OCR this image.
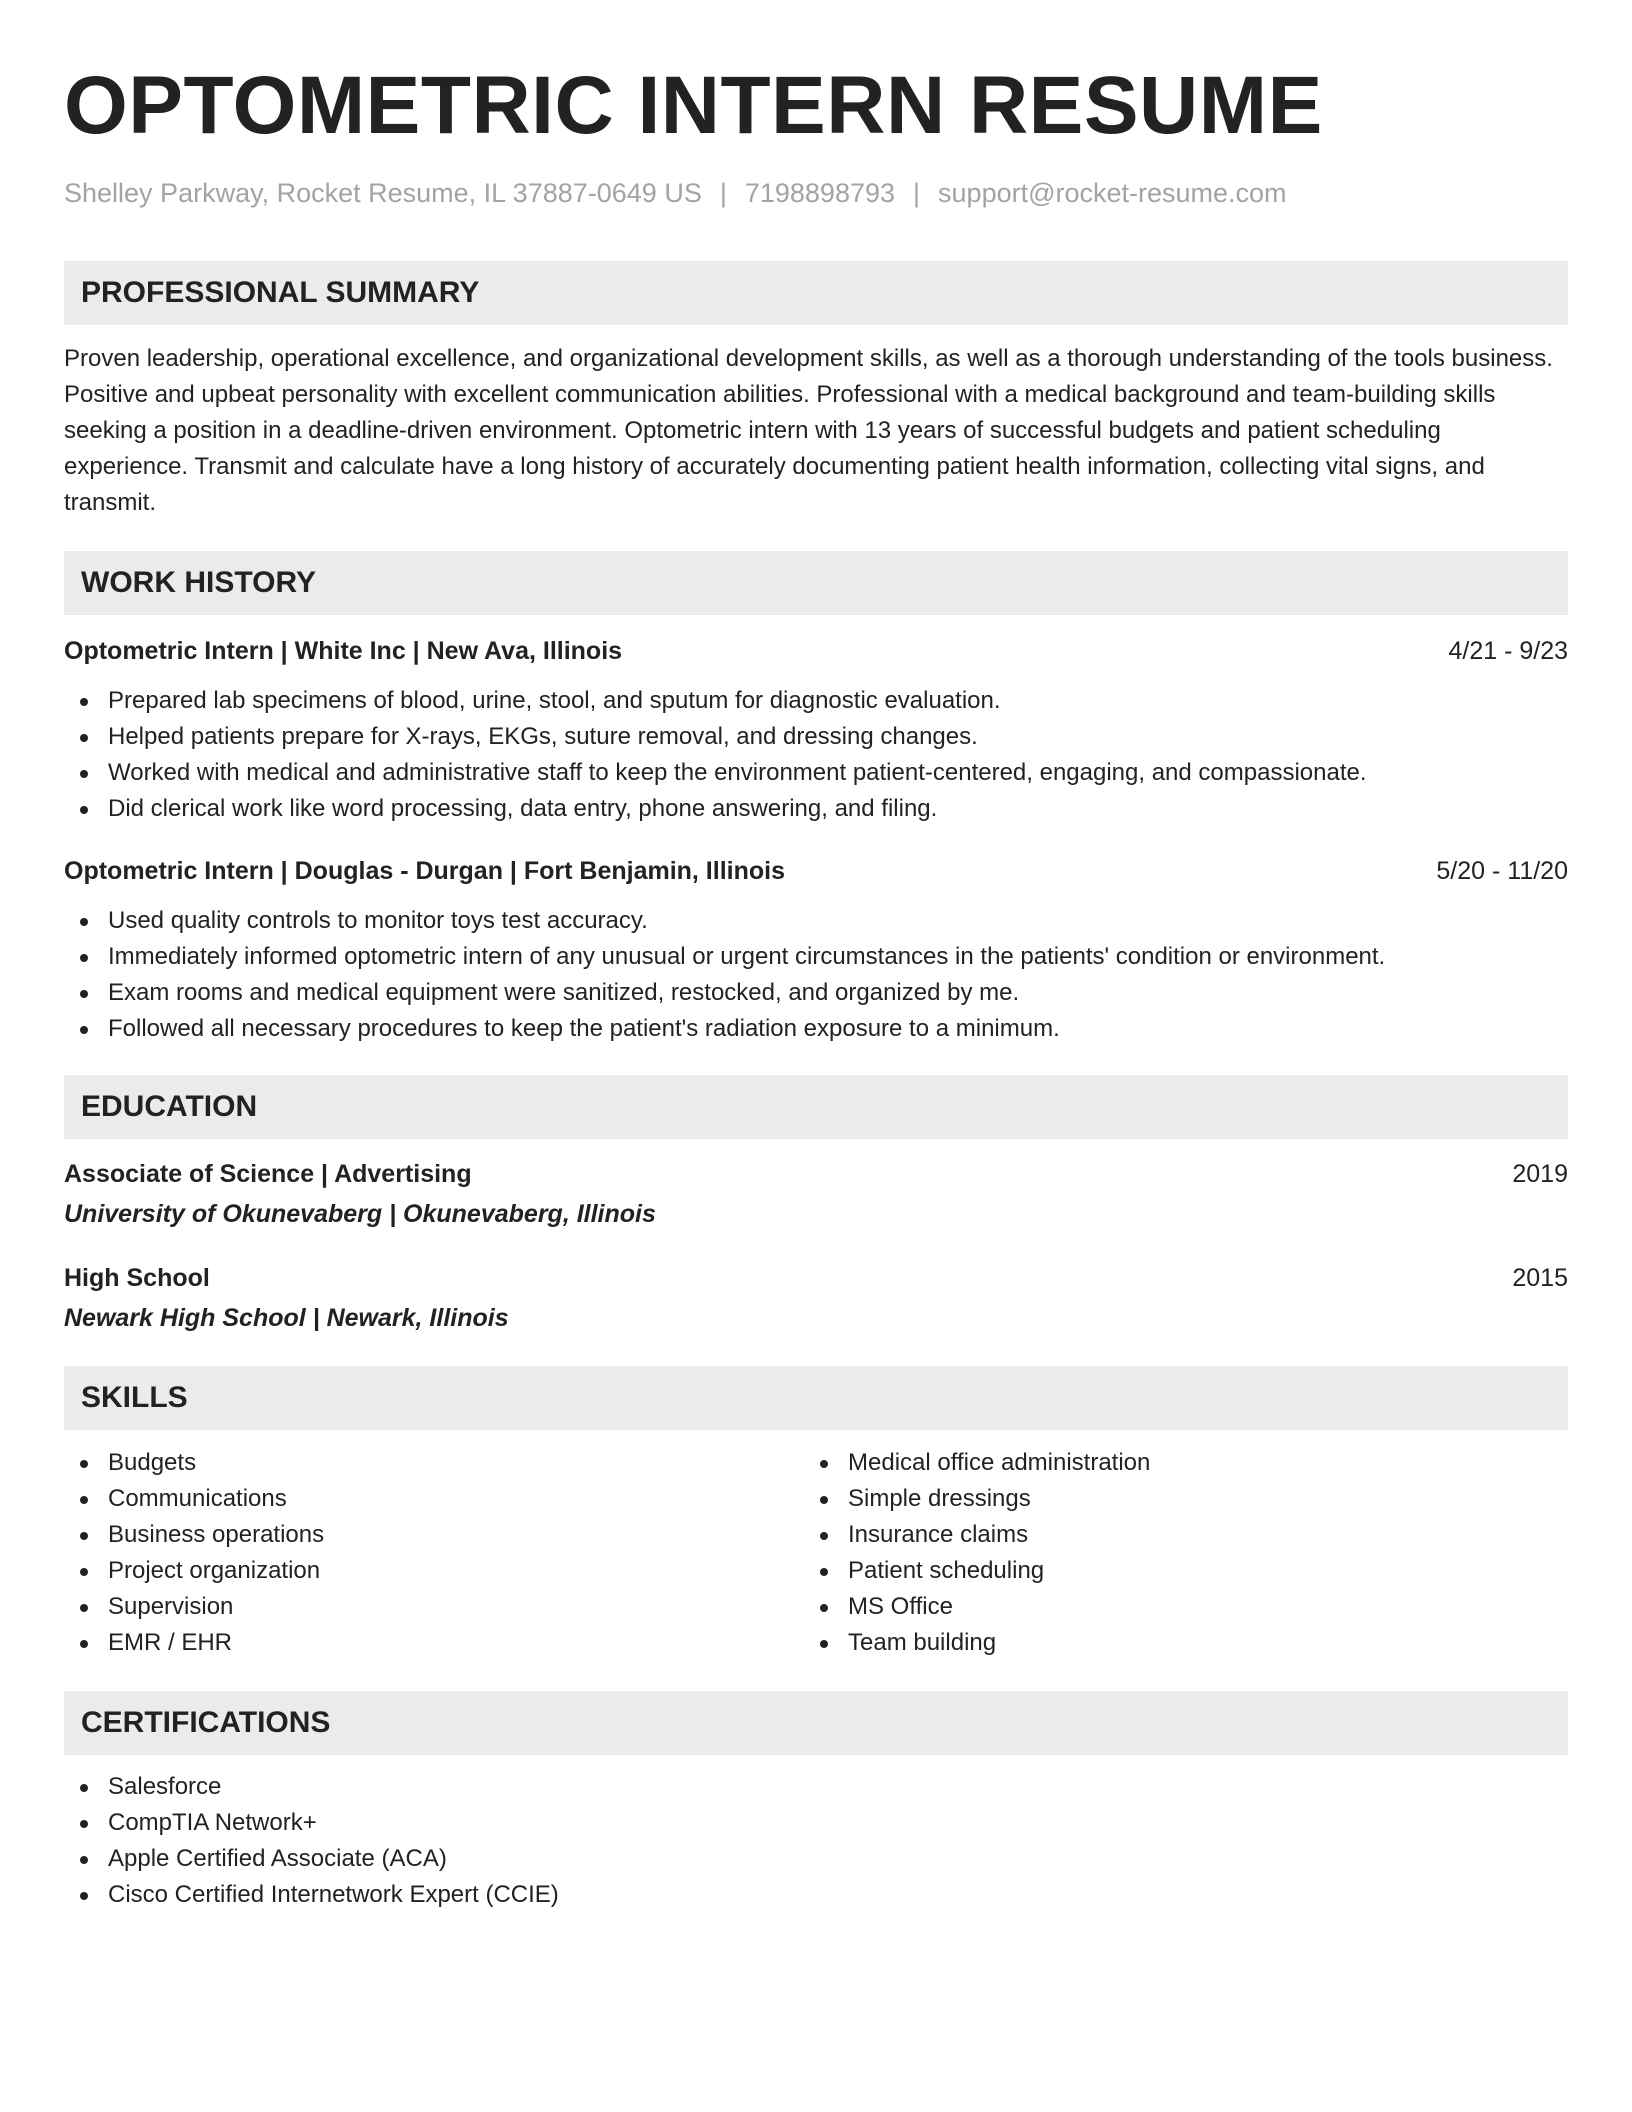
OPTOMETRIC INTERN RESUME
Shelley Parkway, Rocket Resume, IL 37887-0649 US | 7198898793 | support@rocket-resume.com
PROFESSIONAL SUMMARY

Proven leadership, operational excellence, and organizational development skills, as well as a thorough understanding of the tools business. Positive and upbeat personality with excellent communication abilities. Professional with a medical background and team-building skills seeking a position in a deadline-driven environment. Optometric intern with 13 years of successful budgets and patient scheduling experience. Transmit and calculate have a long history of accurately documenting patient health information, collecting vital signs, and transmit.

WORK HISTORY
Optometric Intern | White Inc | New Ava, Illinois	4/21 - 9/23
Prepared lab specimens of blood, urine, stool, and sputum for diagnostic evaluation.
Helped patients prepare for X-rays, EKGs, suture removal, and dressing changes.
Worked with medical and administrative staff to keep the environment patient-centered, engaging, and compassionate.
Did clerical work like word processing, data entry, phone answering, and filing.
Optometric Intern | Douglas - Durgan | Fort Benjamin, Illinois	5/20 - 11/20
Used quality controls to monitor toys test accuracy.
Immediately informed optometric intern of any unusual or urgent circumstances in the patients' condition or environment.
Exam rooms and medical equipment were sanitized, restocked, and organized by me.
Followed all necessary procedures to keep the patient's radiation exposure to a minimum.
EDUCATION
Associate of Science | Advertising	2019
University of Okunevaberg | Okunevaberg, Illinois
High School	2015
Newark High School | Newark, Illinois
SKILLS
Budgets
Communications
Business operations
Project organization
Supervision
EMR / EHR
Medical office administration
Simple dressings
Insurance claims
Patient scheduling
MS Office
Team building
CERTIFICATIONS
Salesforce
CompTIA Network+
Apple Certified Associate (ACA)
Cisco Certified Internetwork Expert (CCIE)
